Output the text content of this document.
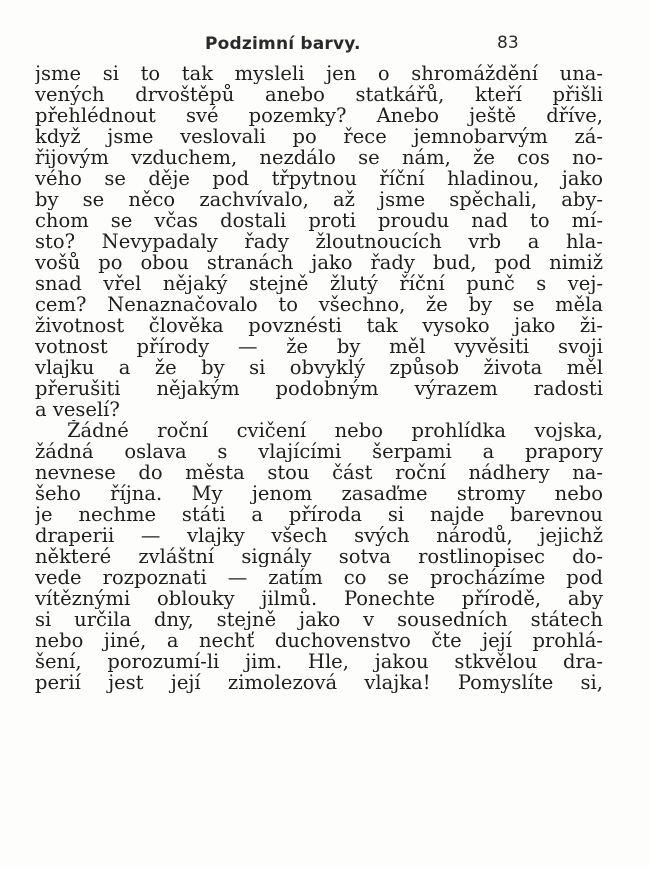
Podzimní barvy.	83
jsme si to tak mysleli jen o shromáždění una-
vených drvoštěpů anebo statkářů, kteří přišli
přehlédnout své pozemky? Anebo ještě dříve,
když jsme veslovali po řece jemnobarvým zá-
řijovým vzduchem, nezdálo se nám, že cos no-
vého se děje pod třpytnou říční hladinou, jako
by se něco zachvívalo, až jsme spěchali, aby-
chom se včas dostali proti proudu nad to mí-
sto? Nevypadaly řady žloutnoucích vrb a hla-
vošů po obou stranách jako řady bud, pod nimiž
snad vřel nějaký stejně žlutý říční punč s vej-
cem? Nenaznačovalo to všechno, že by se měla
životnost člověka povznésti tak vysoko jako ži-
votnost přírody — že by měl vyvěsiti svoji
vlajku a že by si obvyklý způsob života měl
přerušiti nějakým podobným výrazem radosti
a veselí?
Žádné roční cvičení nebo prohlídka vojska,
žádná oslava s vlajícími šerpami a prapory
nevnese do města stou část roční nádhery na-
šeho října. My jenom zasaďme stromy nebo
je nechme státi a příroda si najde barevnou
draperii — vlajky všech svých národů, jejichž
některé zvláštní signály sotva rostlinopisec do-
vede rozpoznati — zatím co se procházíme pod
vítěznými oblouky jilmů. Ponechte přírodě, aby
si určila dny, stejně jako v sousedních státech
nebo jiné, a nechť duchovenstvo čte její prohlá-
šení, porozumí-li jim. Hle, jakou stkvělou dra-
perií jest její zimolezová vlajka! Pomyslíte si,
